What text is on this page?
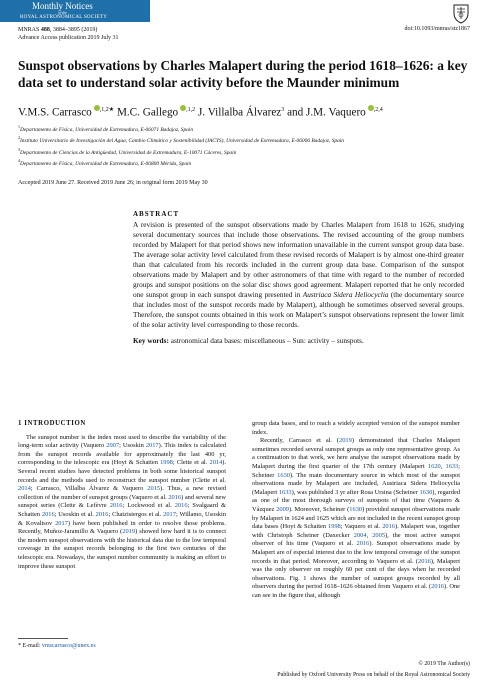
Monthly Notices
of the
ROYAL ASTRONOMICAL SOCIETY
MNRAS 488, 3884–3895 (2019)
Advance Access publication 2019 July 31
doi:10.1093/mnras/stz1867
Sunspot observations by Charles Malapert during the period 1618–1626: a key data set to understand solar activity before the Maunder minimum
V.M.S. Carrasco $^{,1,2★}$ M.C. Gallego $^{,1,2}$ J. Villalba Álvarez$^3$ and J.M. Vaquero $^{,2,4}$
$^1$Departamento de Física, Universidad de Extremadura, E-06071 Badajoz, Spain
$^2$Instituto Universitario de Investigación del Agua, Cambio Climático y Sostenibilidad (IACYS), Universidad de Extremadura, E-06006 Badajoz, Spain
$^3$Departamento de Ciencias de la Antigüedad, Universidad de Extremadura, E-10071 Cáceres, Spain
$^4$Departamento de Física, Universidad de Extremadura, E-06800 Mérida, Spain
Accepted 2019 June 27. Received 2019 June 26; in original form 2019 May 30
ABSTRACT

A revision is presented of the sunspot observations made by Charles Malapert from 1618 to 1626, studying several documentary sources that include those observations. The revised accounting of the group numbers recorded by Malapert for that period shows new information unavailable in the current sunspot group data base. The average solar activity level calculated from these revised records of Malapert is by almost one-third greater than that calculated from his records included in the current group data base. Comparison of the sunspot observations made by Malapert and by other astronomers of that time with regard to the number of recorded groups and sunspot positions on the solar disc shows good agreement. Malapert reported that he only recorded one sunspot group in each sunspot drawing presented in Austriaca Sidera Heliocyclia (the documentary source that includes most of the sunspot records made by Malapert), although he sometimes observed several groups. Therefore, the sunspot counts obtained in this work on Malapert’s sunspot observations represent the lower limit of the solar activity level corresponding to those records.

Key words: astronomical data bases: miscellaneous – Sun: activity – sunspots.
1 INTRODUCTION

The sunspot number is the index most used to describe the variability of the long-term solar activity (Vaquero 2007; Usoskin 2017). This index is calculated from the sunspot records available for approximately the last 400 yr, corresponding to the telescopic era (Hoyt & Schatten 1998; Clette et al. 2014). Several recent studies have detected problems in both some historical sunspot records and the methods used to reconstruct the sunspot number (Clette et al. 2014; Carrasco, Villalba Álvarez & Vaquero 2015). Thus, a new revised collection of the number of sunspot groups (Vaquero et al. 2016) and several new sunspot series (Clette & Lefèvre 2016; Lockwood et al. 2016; Svalgaard & Schatten 2016; Usoskin et al. 2016; Chatzistergos et al. 2017; Willamo, Usoskin & Kovaltsov 2017) have been published in order to resolve those problems. Recently, Muñoz-Jaramillo & Vaquero (2019) showed how hard it is to connect the modern sunspot observations with the historical data due to the low temporal coverage in the sunspot records belonging to the first two centuries of the telescopic era. Nowadays, the sunspot number community is making an effort to improve these sunspot

group data bases, and to reach a widely accepted version of the sunspot number index.

Recently, Carrasco et al. (2019) demonstrated that Charles Malapert sometimes recorded several sunspot groups as only one representative group. As a continuation to that work, we here analyse the sunspot observations made by Malapert during the first quarter of the 17th century (Malapert 1620, 1633; Scheiner 1630). The main documentary source in which most of the sunspot observations made by Malapert are included, Austriaca Sidera Heliocyclia (Malapert 1633), was published 3 yr after Rosa Ursina (Scheiner 1630), regarded as one of the most thorough surveys of sunspots of that time (Vaquero & Vázquez 2009). Moreover, Scheiner (1630) provided sunspot observations made by Malapert in 1624 and 1625 which are not included in the recent sunspot group data bases (Hoyt & Schatten 1998; Vaquero et al. 2016). Malapert was, together with Christoph Scheiner (Daxecker 2004, 2005), the most active sunspot observer of his time (Vaquero et al. 2016). Sunspot observations made by Malapert are of especial interest due to the low temporal coverage of the sunspot records in that period. Moreover, according to Vaquero et al. (2016), Malapert was the only observer on roughly 60 per cent of the days when he recorded observations. Fig. 1 shows the number of sunspot groups recorded by all observers during the period 1618–1626 obtained from Vaquero et al. (2016). One can see in the figure that, although

* E-mail: vmscarrasco@unex.es
© 2019 The Author(s)
Published by Oxford University Press on behalf of the Royal Astronomical Society
